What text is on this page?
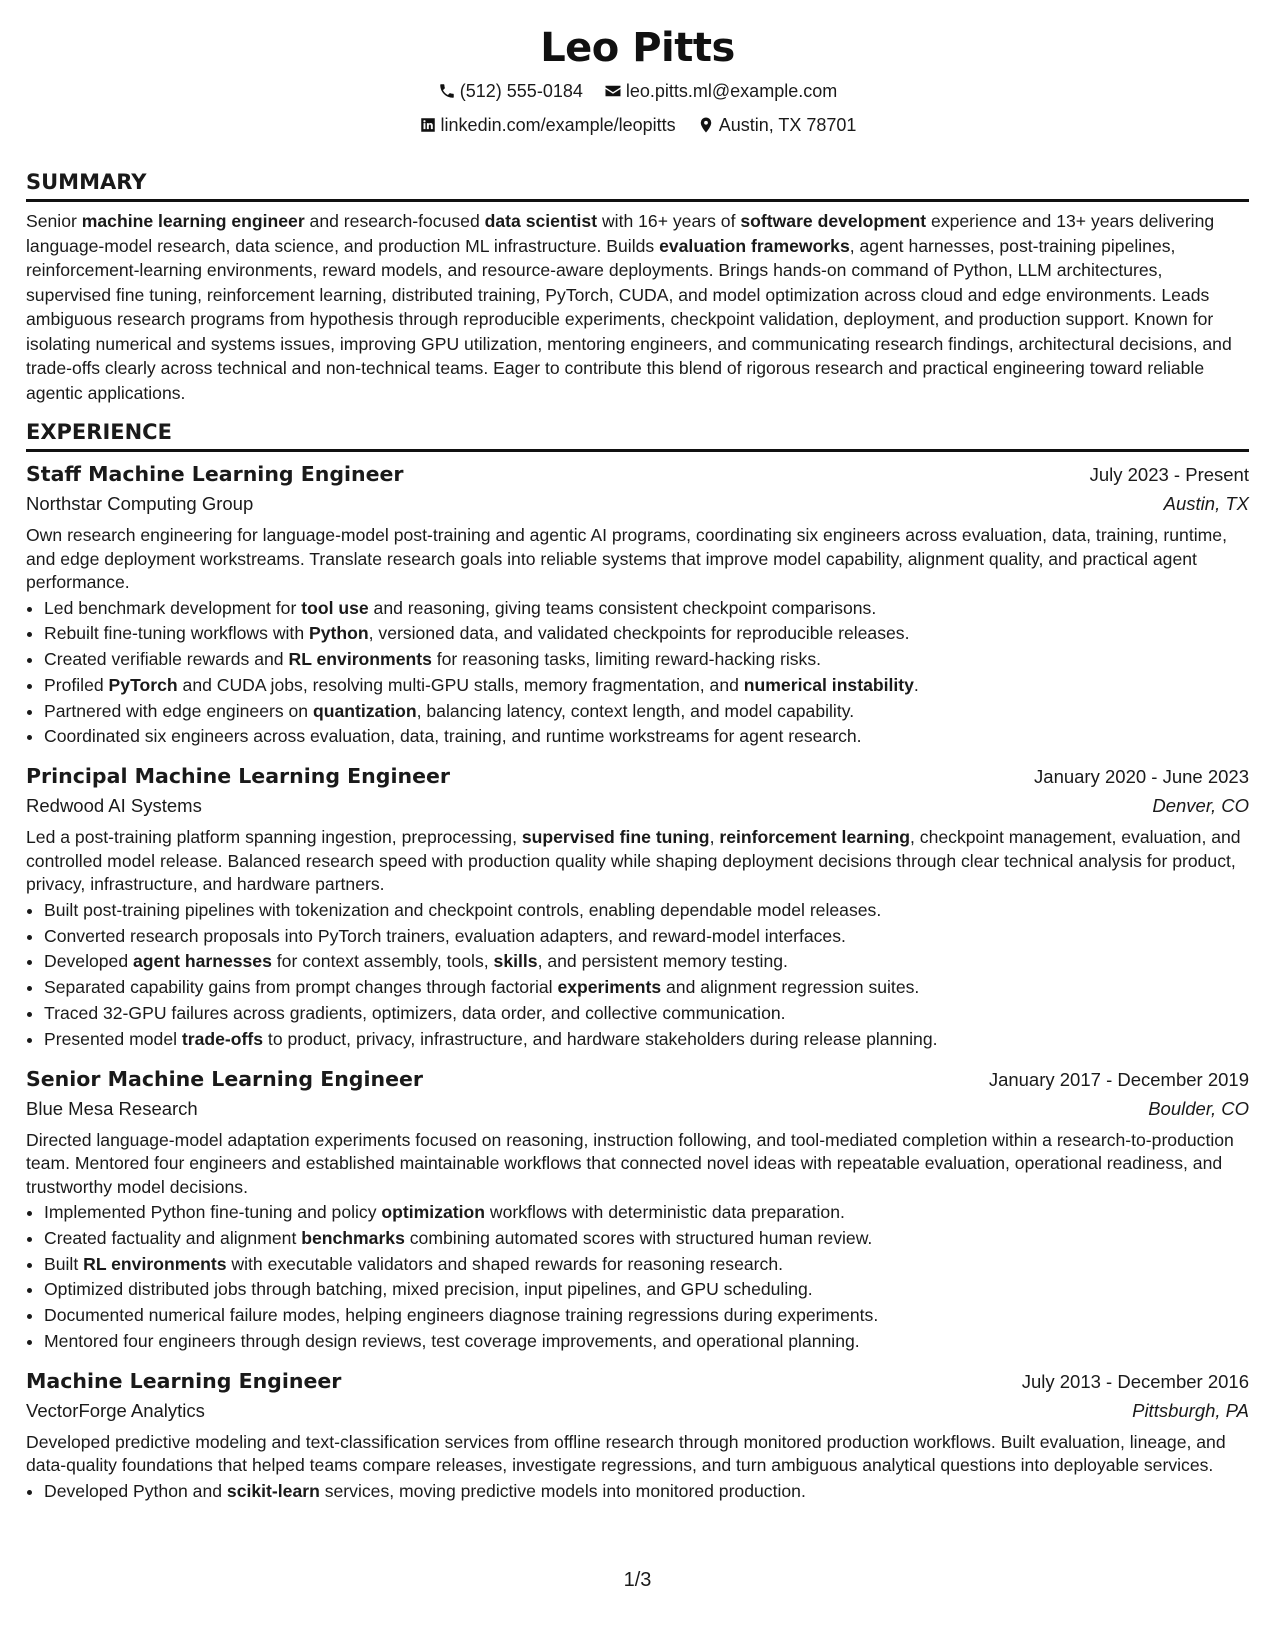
Leo Pitts
(512) 555-0184
leo.pitts.ml@example.com
linkedin.com/example/leopitts
Austin, TX 78701
SUMMARY
Senior machine learning engineer and research-focused data scientist with 16+ years of software development experience and 13+ years delivering language-model research, data science, and production ML infrastructure. Builds evaluation frameworks, agent harnesses, post-training pipelines, reinforcement-learning environments, reward models, and resource-aware deployments. Brings hands-on command of Python, LLM architectures, supervised fine tuning, reinforcement learning, distributed training, PyTorch, CUDA, and model optimization across cloud and edge environments. Leads ambiguous research programs from hypothesis through reproducible experiments, checkpoint validation, deployment, and production support. Known for isolating numerical and systems issues, improving GPU utilization, mentoring engineers, and communicating research findings, architectural decisions, and trade-offs clearly across technical and non-technical teams. Eager to contribute this blend of rigorous research and practical engineering toward reliable agentic applications.
EXPERIENCE
Staff Machine Learning Engineer	July 2023 - Present
Northstar Computing Group	Austin, TX
Own research engineering for language-model post-training and agentic AI programs, coordinating six engineers across evaluation, data, training, runtime, and edge deployment workstreams. Translate research goals into reliable systems that improve model capability, alignment quality, and practical agent performance.
• Led benchmark development for tool use and reasoning, giving teams consistent checkpoint comparisons.
• Rebuilt fine-tuning workflows with Python, versioned data, and validated checkpoints for reproducible releases.
• Created verifiable rewards and RL environments for reasoning tasks, limiting reward-hacking risks.
• Profiled PyTorch and CUDA jobs, resolving multi-GPU stalls, memory fragmentation, and numerical instability.
• Partnered with edge engineers on quantization, balancing latency, context length, and model capability.
• Coordinated six engineers across evaluation, data, training, and runtime workstreams for agent research.
Principal Machine Learning Engineer	January 2020 - June 2023
Redwood AI Systems	Denver, CO
Led a post-training platform spanning ingestion, preprocessing, supervised fine tuning, reinforcement learning, checkpoint management, evaluation, and controlled model release. Balanced research speed with production quality while shaping deployment decisions through clear technical analysis for product, privacy, infrastructure, and hardware partners.
• Built post-training pipelines with tokenization and checkpoint controls, enabling dependable model releases.
• Converted research proposals into PyTorch trainers, evaluation adapters, and reward-model interfaces.
• Developed agent harnesses for context assembly, tools, skills, and persistent memory testing.
• Separated capability gains from prompt changes through factorial experiments and alignment regression suites.
• Traced 32-GPU failures across gradients, optimizers, data order, and collective communication.
• Presented model trade-offs to product, privacy, infrastructure, and hardware stakeholders during release planning.
Senior Machine Learning Engineer	January 2017 - December 2019
Blue Mesa Research	Boulder, CO
Directed language-model adaptation experiments focused on reasoning, instruction following, and tool-mediated completion within a research-to-production team. Mentored four engineers and established maintainable workflows that connected novel ideas with repeatable evaluation, operational readiness, and trustworthy model decisions.
• Implemented Python fine-tuning and policy optimization workflows with deterministic data preparation.
• Created factuality and alignment benchmarks combining automated scores with structured human review.
• Built RL environments with executable validators and shaped rewards for reasoning research.
• Optimized distributed jobs through batching, mixed precision, input pipelines, and GPU scheduling.
• Documented numerical failure modes, helping engineers diagnose training regressions during experiments.
• Mentored four engineers through design reviews, test coverage improvements, and operational planning.
Machine Learning Engineer	July 2013 - December 2016
VectorForge Analytics	Pittsburgh, PA
Developed predictive modeling and text-classification services from offline research through monitored production workflows. Built evaluation, lineage, and data-quality foundations that helped teams compare releases, investigate regressions, and turn ambiguous analytical questions into deployable services.
• Developed Python and scikit-learn services, moving predictive models into monitored production.
1/3
